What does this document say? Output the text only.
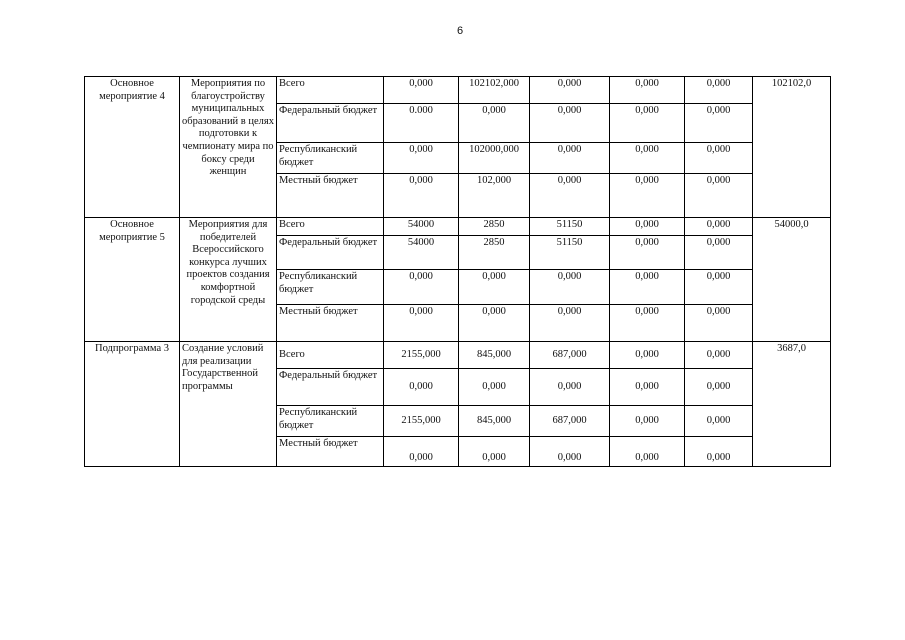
6
Основное мероприятие 4	Мероприятия по благоустройству муниципальных образований в целях подготовки к чемпионату мира по боксу среди женщин	Всего	0,000	102102,000	0,000	0,000	0,000	102102,0
		Федеральный бюджет	0.000	0,000	0,000	0,000	0,000	
		Республиканский бюджет	0,000	102000,000	0,000	0,000	0,000	
		Местный бюджет	0,000	102,000	0,000	0,000	0,000	
Основное мероприятие 5	Мероприятия для победителей Всероссийского конкурса лучших проектов создания комфортной городской среды	Всего	54000	2850	51150	0,000	0,000	54000,0
		Федеральный бюджет	54000	2850	51150	0,000	0,000	
		Республиканский бюджет	0,000	0,000	0,000	0,000	0,000	
		Местный бюджет	0,000	0,000	0,000	0,000	0,000	
Подпрограмма 3	Создание условий для реализации Государственной программы	Всего	2155,000	845,000	687,000	0,000	0,000	3687,0
		Федеральный бюджет	0,000	0,000	0,000	0,000	0,000	
		Республиканский бюджет	2155,000	845,000	687,000	0,000	0,000	
		Местный бюджет	0,000	0,000	0,000	0,000	0,000	
